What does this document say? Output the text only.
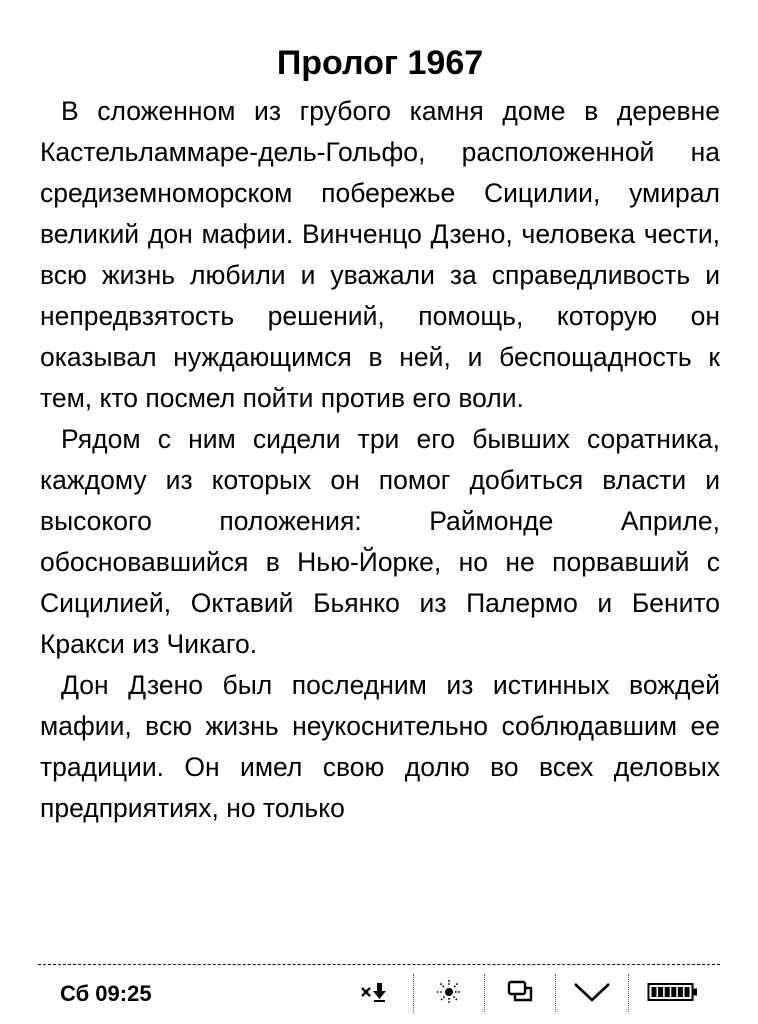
Пролог 1967

В сложенном из грубого камня доме в деревне Кастельламмаре-дель-Гольфо, расположенной на средиземноморском побережье Сицилии, умирал великий дон мафии. Винченцо Дзено, человека чести, всю жизнь любили и уважали за справедливость и непредвзятость решений, помощь, которую он оказывал нуждающимся в ней, и беспощадность к тем, кто посмел пойти против его воли.

Рядом с ним сидели три его бывших соратника, каждому из которых он помог добиться власти и высокого положения: Раймонде Априле, обосновавшийся в Нью-Йорке, но не порвавший с Сицилией, Октавий Бьянко из Палермо и Бенито Кракси из Чикаго.

Дон Дзено был последним из истинных вождей мафии, всю жизнь неукоснительно соблюдавшим ее традиции. Он имел свою долю во всех деловых предприятиях, но только

Сб 09:25
